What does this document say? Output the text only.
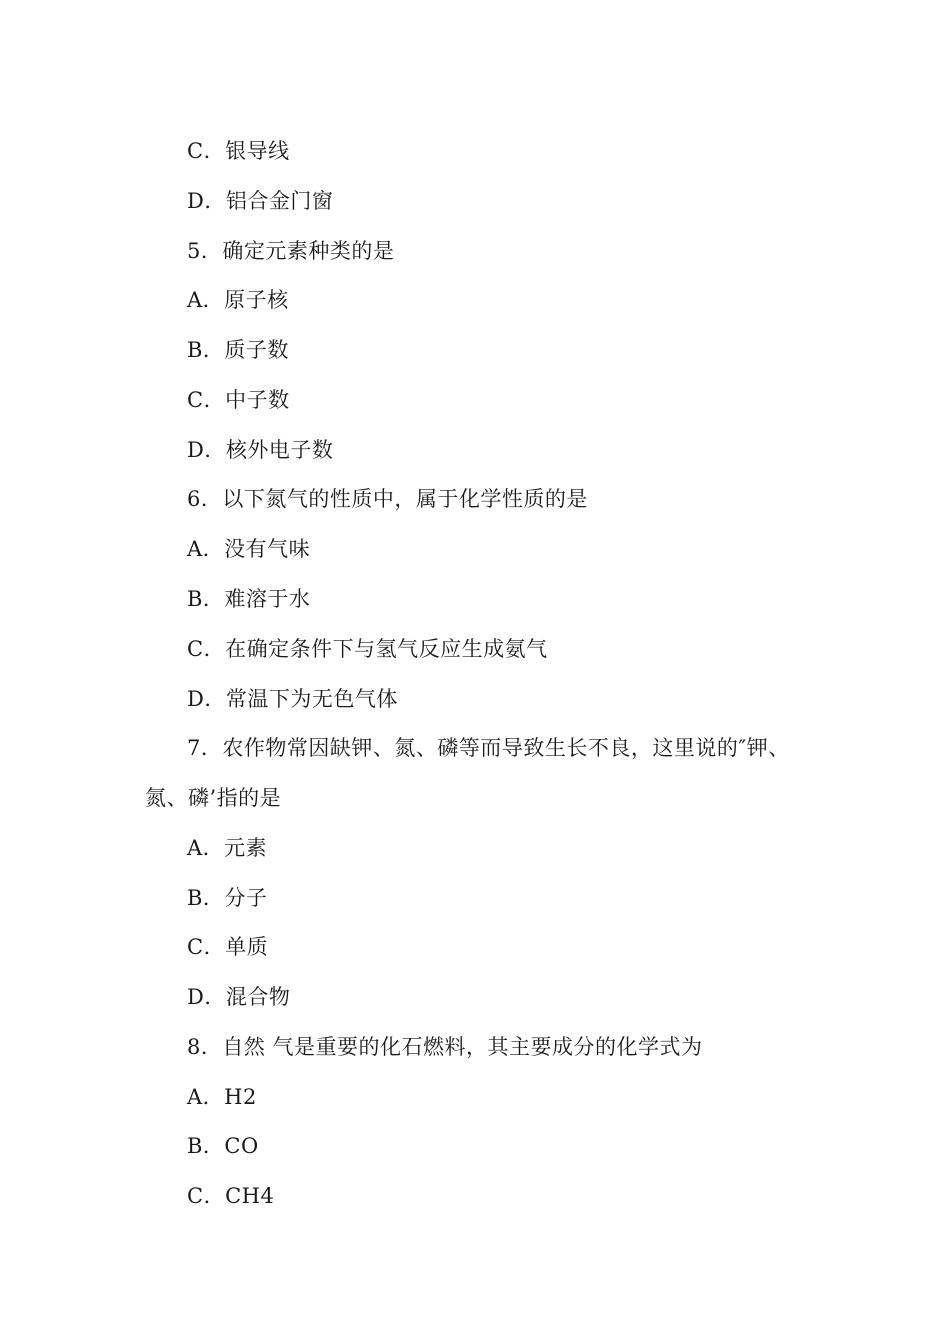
C．银导线
D．铝合金门窗
5．确定元素种类的是
A．原子核
B．质子数
C．中子数
D．核外电子数
6．以下氮气的性质中，属于化学性质的是
A．没有气味
B．难溶于水
C．在确定条件下与氢气反应生成氨气
D．常温下为无色气体
7．农作物常因缺钾、氮、磷等而导致生长不良，这里说的″钾、
氮、磷’指的是
A．元素
B．分子
C．单质
D．混合物
8．自然 气是重要的化石燃料，其主要成分的化学式为
A．H2
B．CO
C．CH4
